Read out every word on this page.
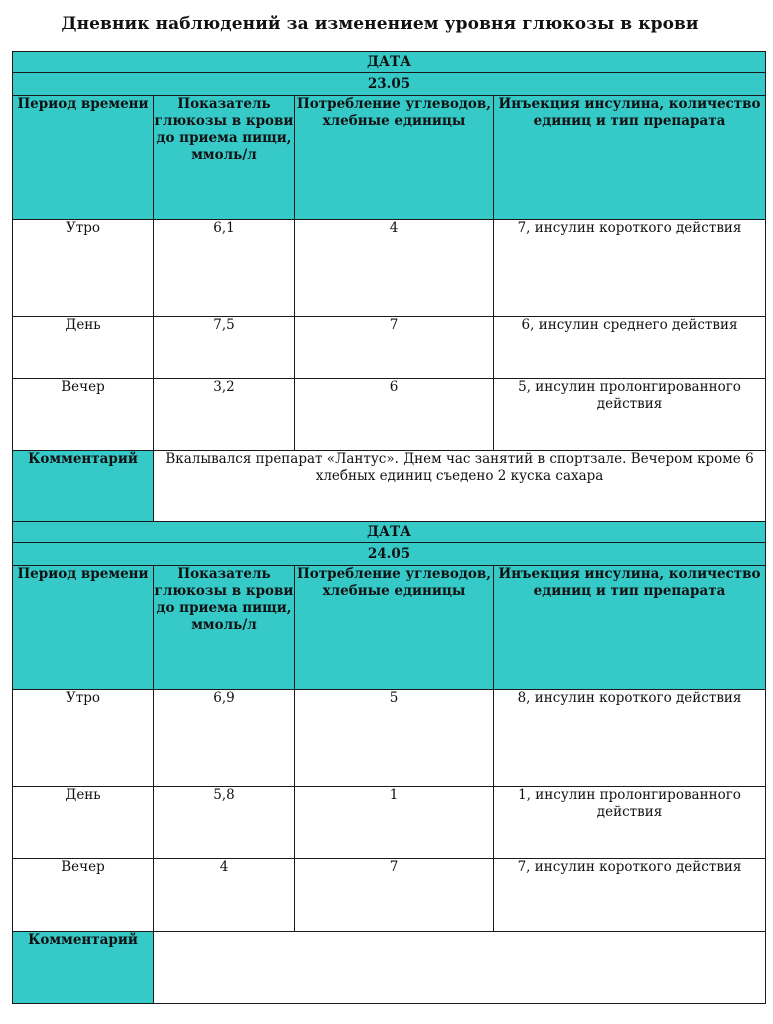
Дневник наблюдений за изменением уровня глюкозы в крови
ДАТА			
23.05			
Период времени	Показатель глюкозы в крови до приема пищи, ммоль/л	Потребление углеводов, хлебные единицы	Инъекция инсулина, количество единиц и тип препарата
Утро	6,1	4	7, инсулин короткого действия
День	7,5	7	6, инсулин среднего действия
Вечер	3,2	6	5, инсулин пролонгированного действия
Комментарий	Вкалывался препарат «Лантус». Днем час занятий в спортзале. Вечером кроме 6 хлебных единиц съедено 2 куска сахара		
ДАТА			
24.05			
Период времени	Показатель глюкозы в крови до приема пищи, ммоль/л	Потребление углеводов, хлебные единицы	Инъекция инсулина, количество единиц и тип препарата
Утро	6,9	5	8, инсулин короткого действия
День	5,8	1	1, инсулин пролонгированного действия
Вечер	4	7	7, инсулин короткого действия
Комментарий			
